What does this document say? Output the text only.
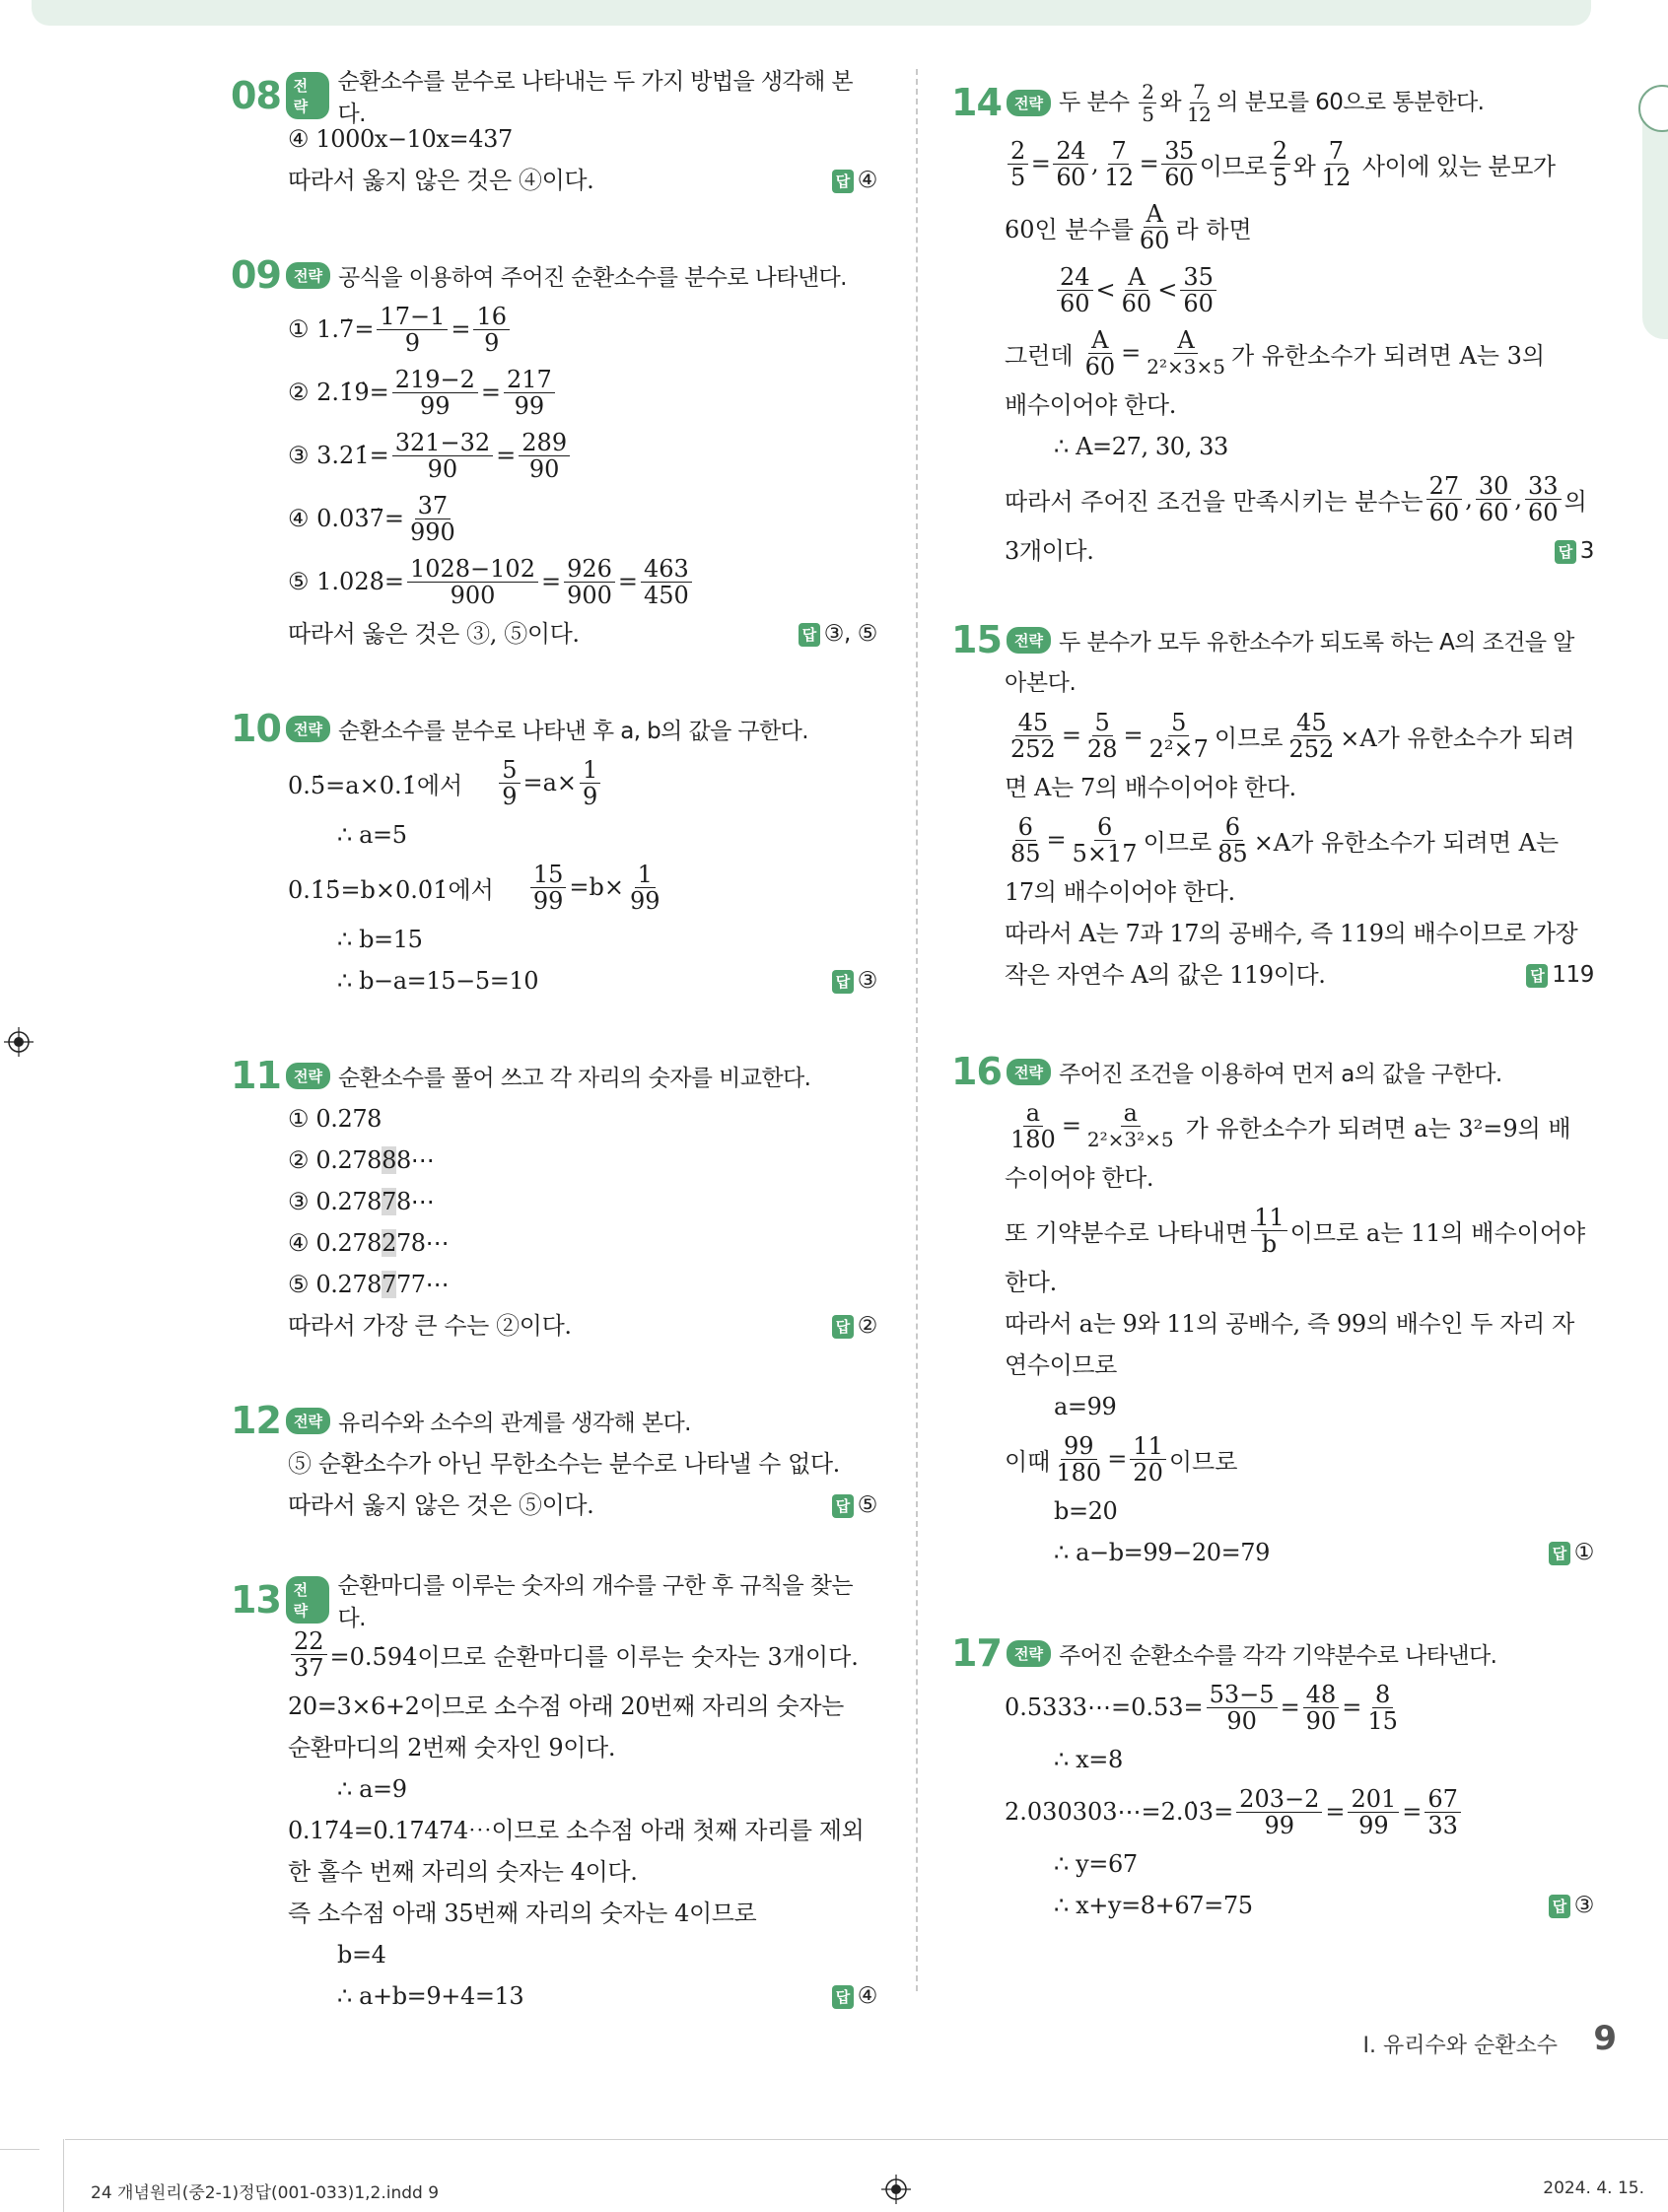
08 전략
순환소수를 분수로 나타내는 두 가지 방법을 생각해 본다.
④ 1000x−10x=437
따라서 옳지 않은 것은 ④이다.	답 ④
09 전략 공식을 이용하여 주어진 순환소수를 분수로 나타낸다.
① 1.7̇= $\frac{17-1}{9} = \frac{16}{9}$
② 2.1̇9̇= $\frac{219-2}{99} = \frac{217}{99}$
③ 3.21̇= $\frac{321-32}{90} = \frac{289}{90}$
④ 0.03̇7̇= $\frac{37}{990}$
⑤ 1.028̇= $\frac{1028-102}{900} = \frac{926}{900} = \frac{463}{450}$
따라서 옳은 것은 ③, ⑤이다.	답 ③, ⑤
10 전략 순환소수를 분수로 나타낸 후 a, b의 값을 구한다.
0.5̇=a×0.1̇에서 $\frac{5}{9} =a\times \frac{1}{9}$
∴ a=5
0.1̇5̇=b×0.0̇1̇에서 $\frac{15}{99} =b\times \frac{1}{99}$
∴ b=15
∴ b−a=15−5=10	답 ③
11 전략 순환소수를 풀어 쓰고 각 자리의 숫자를 비교한다.
① 0.278
② 0.27888⋯
③ 0.27878⋯
④ 0.278278⋯
⑤ 0.278777⋯
따라서 가장 큰 수는 ②이다.	답 ②
12 전략 유리수와 소수의 관계를 생각해 본다.
⑤ 순환소수가 아닌 무한소수는 분수로 나타낼 수 없다.
따라서 옳지 않은 것은 ⑤이다.	답 ⑤
13 전략
순환마디를 이루는 숫자의 개수를 구한 후 규칙을 찾는다.
$\frac{22}{37}$ =0.5̇94̇이므로 순환마디를 이루는 숫자는 3개이다.
20=3×6+2이므로 소수점 아래 20번째 자리의 숫자는
순환마디의 2번째 숫자인 9이다.
∴ a=9
0.17̇4̇=0.17474⋯이므로 소수점 아래 첫째 자리를 제외
한 홀수 번째 자리의 숫자는 4이다.
즉 소수점 아래 35번째 자리의 숫자는 4이므로
b=4
∴ a+b=9+4=13	답 ④
14 전략 두 분수 $\frac{2}{5}$ 와 $\frac{7}{12}$ 의 분모를 60으로 통분한다.
$\frac{2}{5} = \frac{24}{60}$ , $\frac{7}{12} = \frac{35}{60}$ 이므로 $\frac{2}{5}$ 와 $\frac{7}{12}$ 사이에 있는 분모가
60인 분수를 $\frac{A}{60}$ 라 하면
$\frac{24}{60} < \frac{A}{60} < \frac{35}{60}$
그런데 $\frac{A}{60} = \frac{A}{\text{2²×3×5}}$ 가 유한소수가 되려면 A는 3의
배수이어야 한다.
∴ A=27, 30, 33
따라서 주어진 조건을 만족시키는 분수는 $\frac{27}{60}$ , $\frac{30}{60}$ , $\frac{33}{60}$ 의
3개이다.	답 3
15 전략 두 분수가 모두 유한소수가 되도록 하는 A의 조건을 알
아본다.
$\frac{45}{252} = \frac{5}{28} = \frac{5}{\text{2²×7}}$ 이므로 $\frac{45}{252} \times A$가 유한소수가 되려
면 A는 7의 배수이어야 한다.
$\frac{6}{85} = \frac{6}{5\times 17}$ 이므로 $\frac{6}{85} \times A$가 유한소수가 되려면 A는
17의 배수이어야 한다.
따라서 A는 7과 17의 공배수, 즉 119의 배수이므로 가장
작은 자연수 A의 값은 119이다.	답 119
16 전략 주어진 조건을 이용하여 먼저 a의 값을 구한다.
$\frac{a}{180} = \frac{a}{\text{2²×3²×5}}$ 가 유한소수가 되려면 a는 3²=9의 배
수이어야 한다.
또 기약분수로 나타내면 $\frac{11}{b}$ 이므로 a는 11의 배수이어야
한다.
따라서 a는 9와 11의 공배수, 즉 99의 배수인 두 자리 자
연수이므로
a=99
이때 $\frac{99}{180} = \frac{11}{20}$ 이므로
b=20
∴ a−b=99−20=79	답 ①
17 전략 주어진 순환소수를 각각 기약분수로 나타낸다.
0.5333⋯=0.53̇= $\frac{53-5}{90} = \frac{48}{90} = \frac{8}{15}$
∴ x=8
2.030303⋯=2.0̇3̇= $\frac{203-2}{99} = \frac{201}{99} = \frac{67}{33}$
∴ y=67
∴ x+y=8+67=75	답 ③
I. 유리수와 순환소수 9
24 개념원리(중2-1)정답(001-033)1,2.indd 9	2024. 4. 15.
